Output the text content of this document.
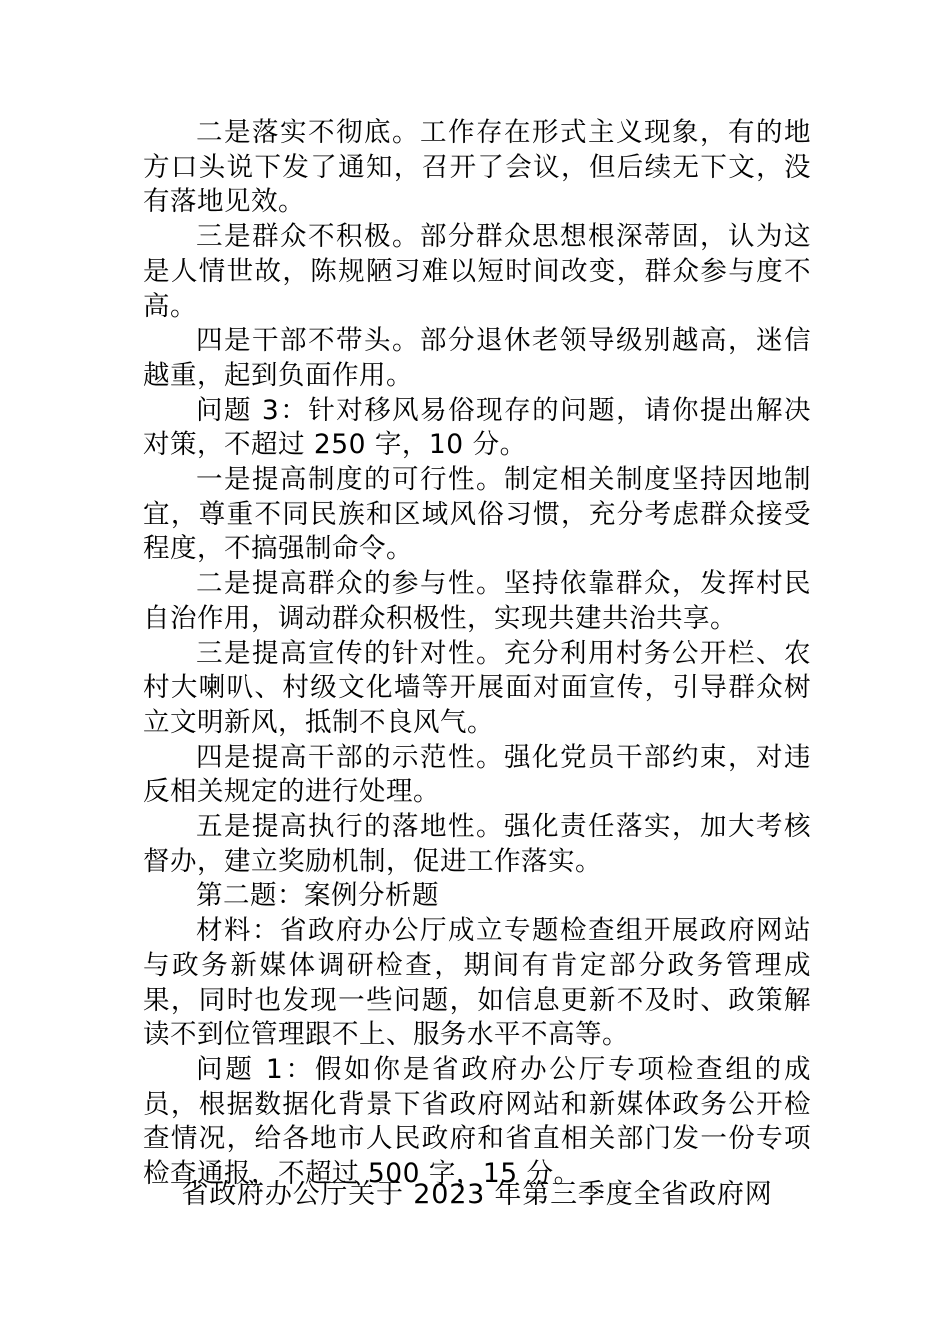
二是落实不彻底。工作存在形式主义现象，有的地方口头说下发了通知，召开了会议，但后续无下文，没有落地见效。

三是群众不积极。部分群众思想根深蒂固，认为这是人情世故，陈规陋习难以短时间改变，群众参与度不高。

四是干部不带头。部分退休老领导级别越高，迷信越重，起到负面作用。

问题 3：针对移风易俗现存的问题，请你提出解决对策，不超过 250 字，10 分。

一是提高制度的可行性。制定相关制度坚持因地制宜，尊重不同民族和区域风俗习惯，充分考虑群众接受程度，不搞强制命令。

二是提高群众的参与性。坚持依靠群众，发挥村民自治作用，调动群众积极性，实现共建共治共享。

三是提高宣传的针对性。充分利用村务公开栏、农村大喇叭、村级文化墙等开展面对面宣传，引导群众树立文明新风，抵制不良风气。

四是提高干部的示范性。强化党员干部约束，对违反相关规定的进行处理。

五是提高执行的落地性。强化责任落实，加大考核督办，建立奖励机制，促进工作落实。

第二题：案例分析题

材料：省政府办公厅成立专题检查组开展政府网站与政务新媒体调研检查，期间有肯定部分政务管理成果，同时也发现一些问题，如信息更新不及时、政策解读不到位管理跟不上、服务水平不高等。

问题 1：假如你是省政府办公厅专项检查组的成员，根据数据化背景下省政府网站和新媒体政务公开检查情况，给各地市人民政府和省直相关部门发一份专项检查通报，不超过 500 字，15 分。

省政府办公厅关于 2023 年第三季度全省政府网
